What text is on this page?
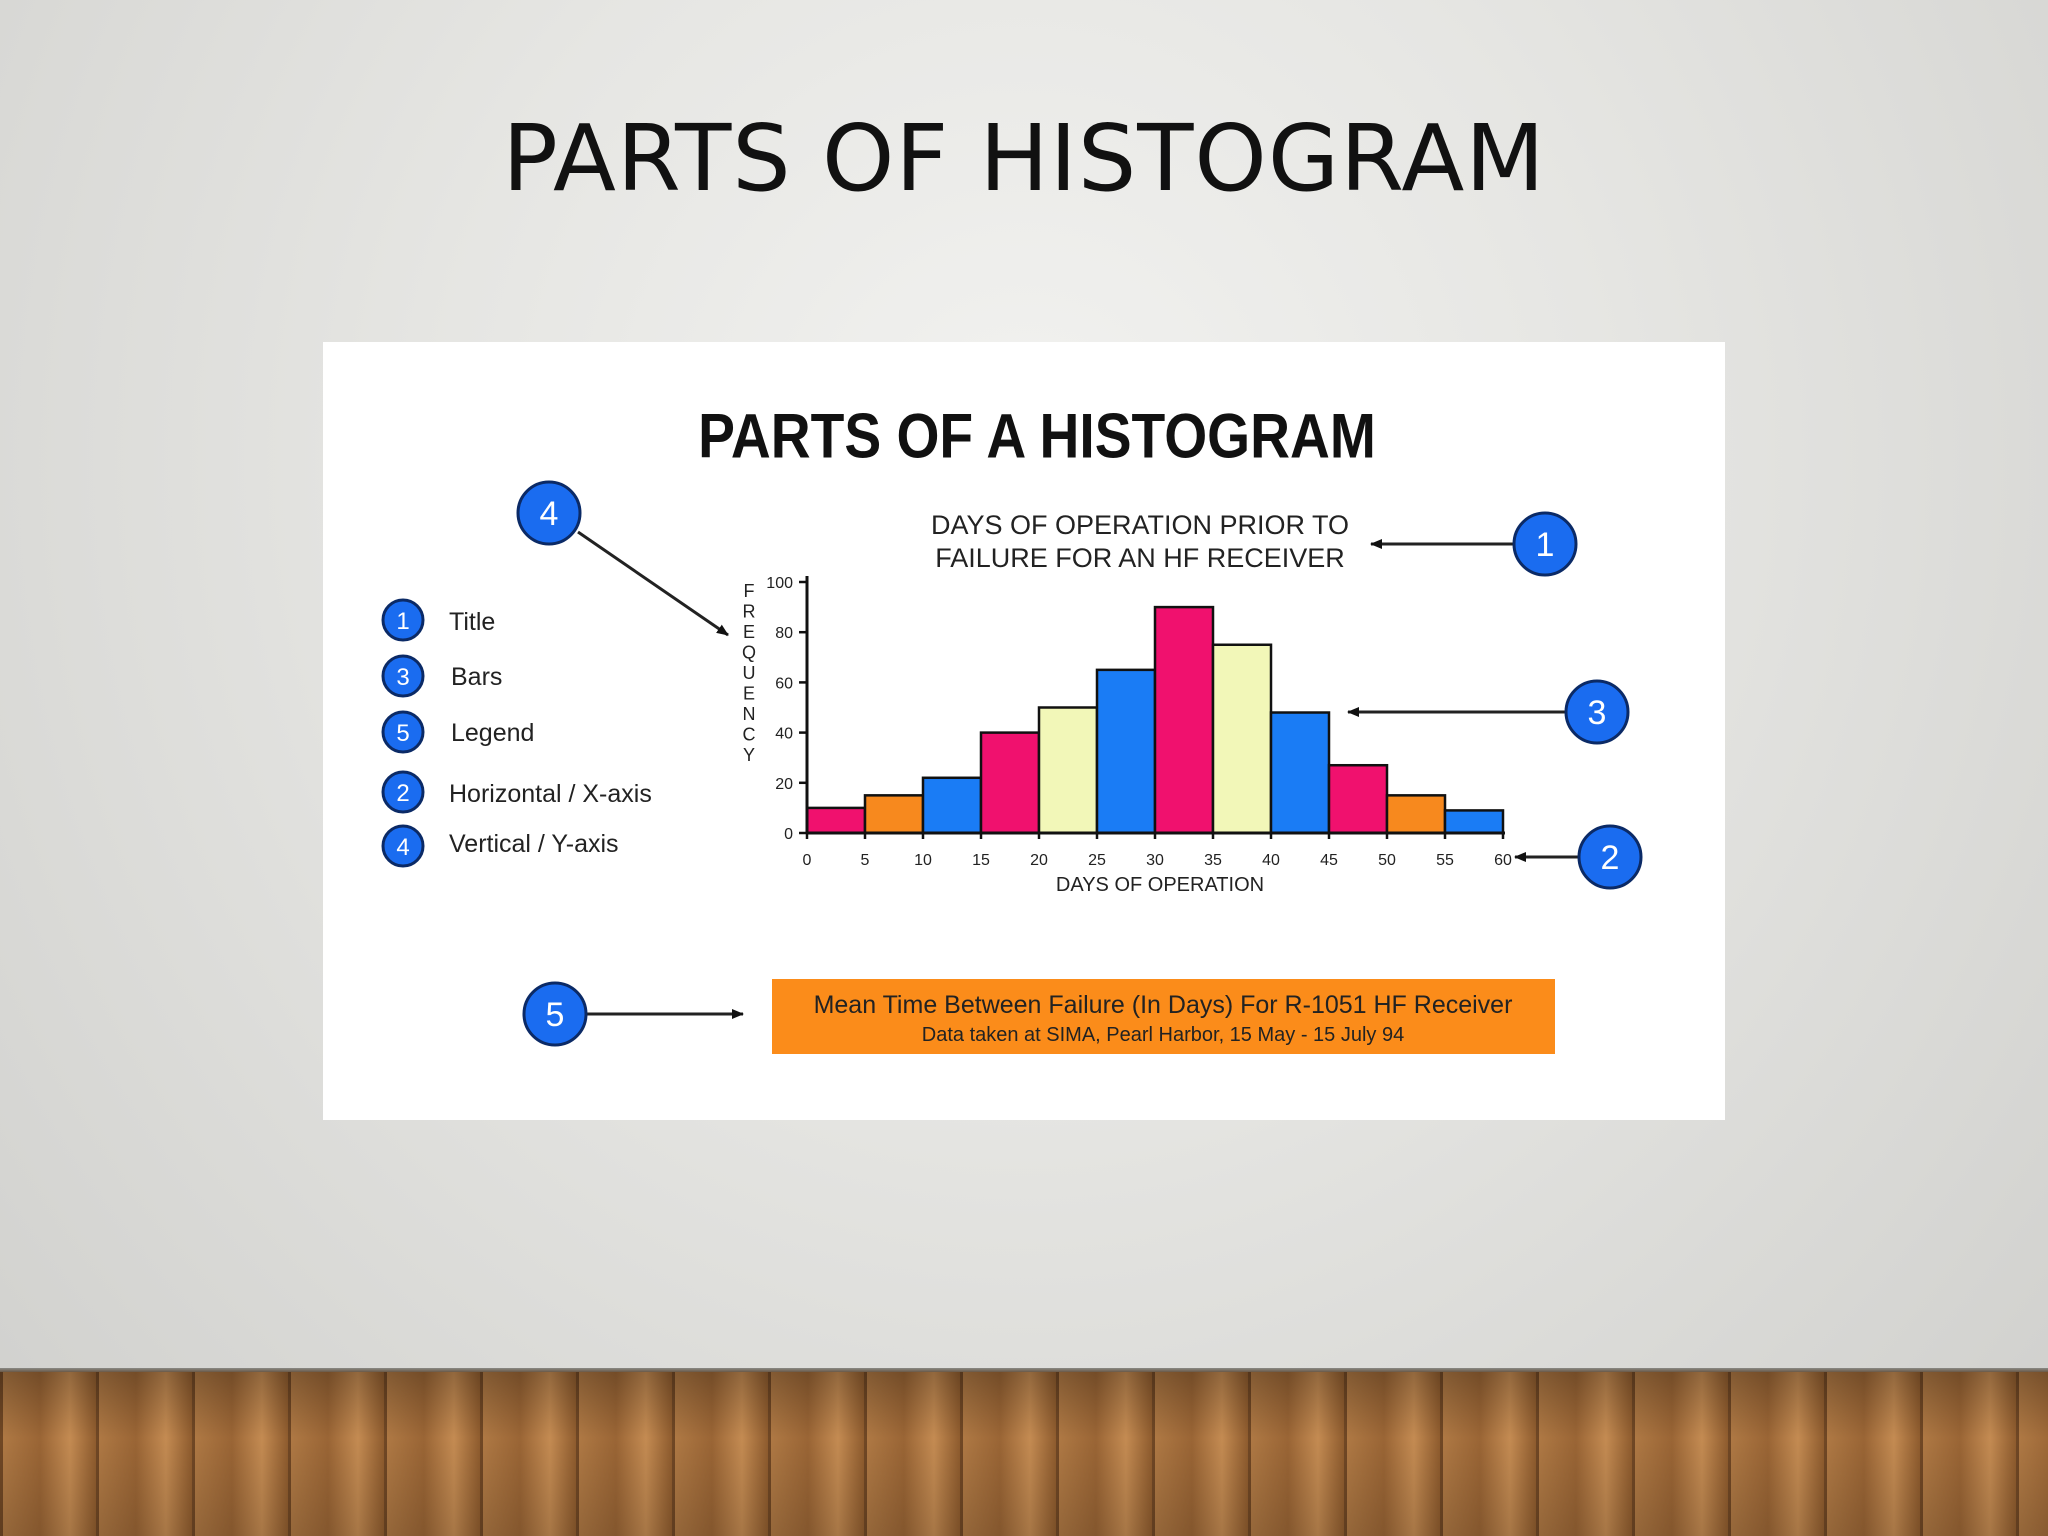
PARTS OF HISTOGRAM
PARTS OF A HISTOGRAM
DAYS OF OPERATION PRIOR TO
FAILURE FOR AN HF RECEIVER
1 Title
3 Bars
5 Legend
2 Horizontal / X-axis
4 Vertical / Y-axis	0
20
40
60
80
100
0	5	10	15	20	25	30	35	40	45	50	55	60
F
R
E
Q
U
E
N
C
Y
DAYS OF OPERATION
4
1
3
2
5	Mean Time Between Failure (In Days) For R-1051 HF Receiver
Data taken at SIMA, Pearl Harbor, 15 May - 15 July 94
